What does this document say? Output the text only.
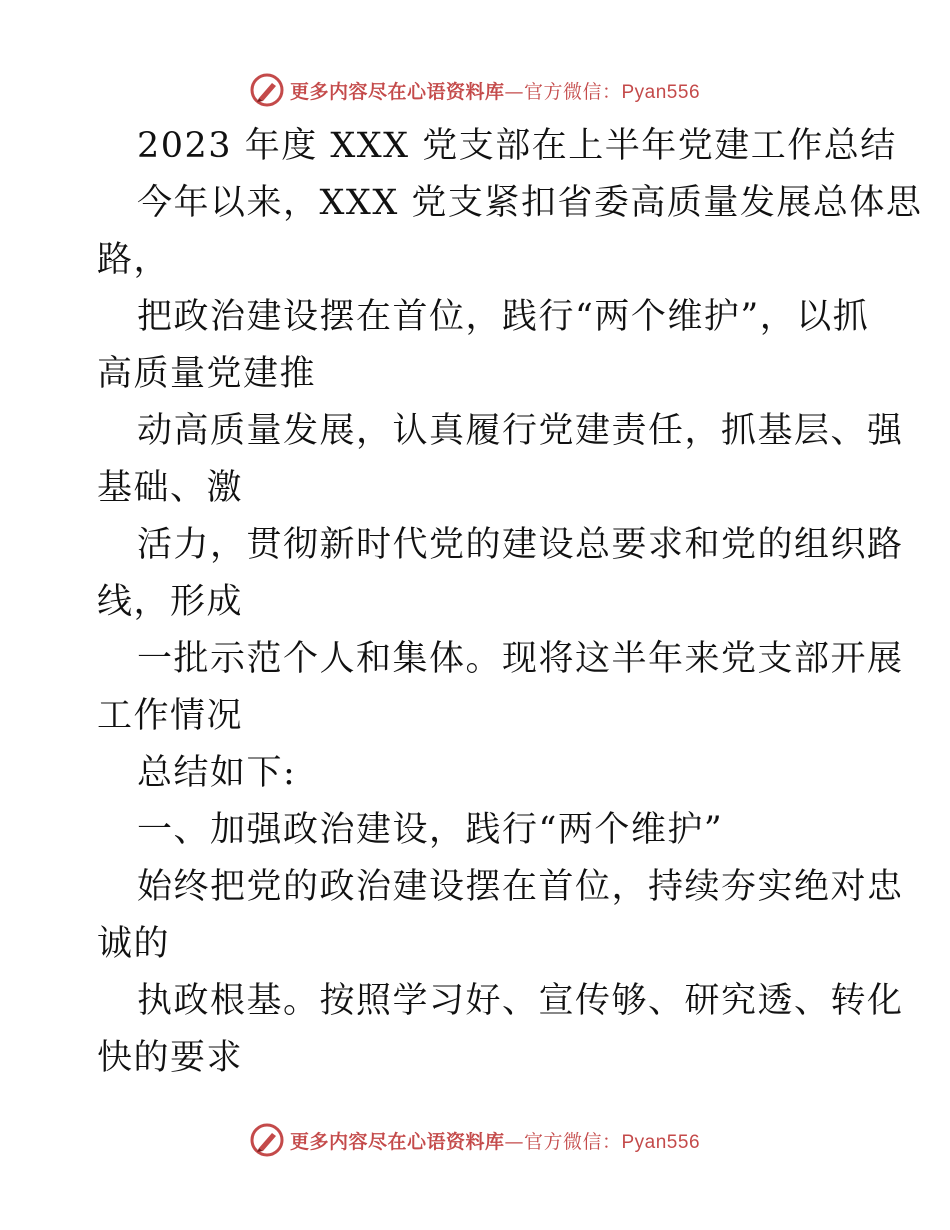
更多内容尽在心语资料库—官方微信：Pyan556
2023 年度 XXX 党支部在上半年党建工作总结
今年以来，XXX 党支紧扣省委高质量发展总体思
路，
把政治建设摆在首位，践行“两个维护”，以抓
高质量党建推
动高质量发展，认真履行党建责任，抓基层、强
基础、激
活力，贯彻新时代党的建设总要求和党的组织路
线，形成
一批示范个人和集体。现将这半年来党支部开展
工作情况
总结如下:
一、加强政治建设，践行“两个维护”
始终把党的政治建设摆在首位，持续夯实绝对忠
诚的
执政根基。按照学习好、宣传够、研究透、转化
快的要求
更多内容尽在心语资料库—官方微信：Pyan556
